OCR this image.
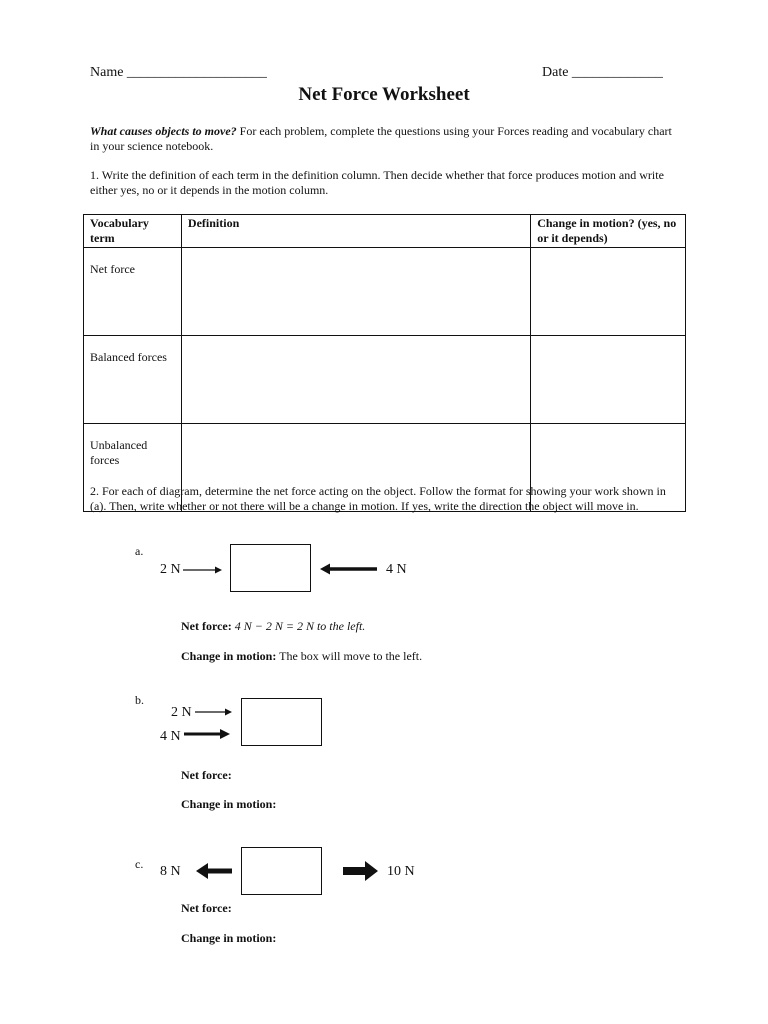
Name ____________________	Date _____________
Net Force Worksheet
What causes objects to move? For each problem, complete the questions using your Forces reading and vocabulary chart in your science notebook.
1. Write the definition of each term in the definition column. Then decide whether that force produces motion and write either yes, no or it depends in the motion column.
Vocabulary term	Definition	Change in motion? (yes, no or it depends)
Net force		
Balanced forces		
Unbalanced forces		
2. For each of diagram, determine the net force acting on the object. Follow the format for showing your work shown in (a). Then, write whether or not there will be a change in motion. If yes, write the direction the object will move in.
a.
2 N	4 N
Net force: 4 N − 2 N = 2 N to the left.
Change in motion: The box will move to the left.
b.
2 N
4 N
Net force:
Change in motion:
c. 8 N	10 N
Net force:
Change in motion:
